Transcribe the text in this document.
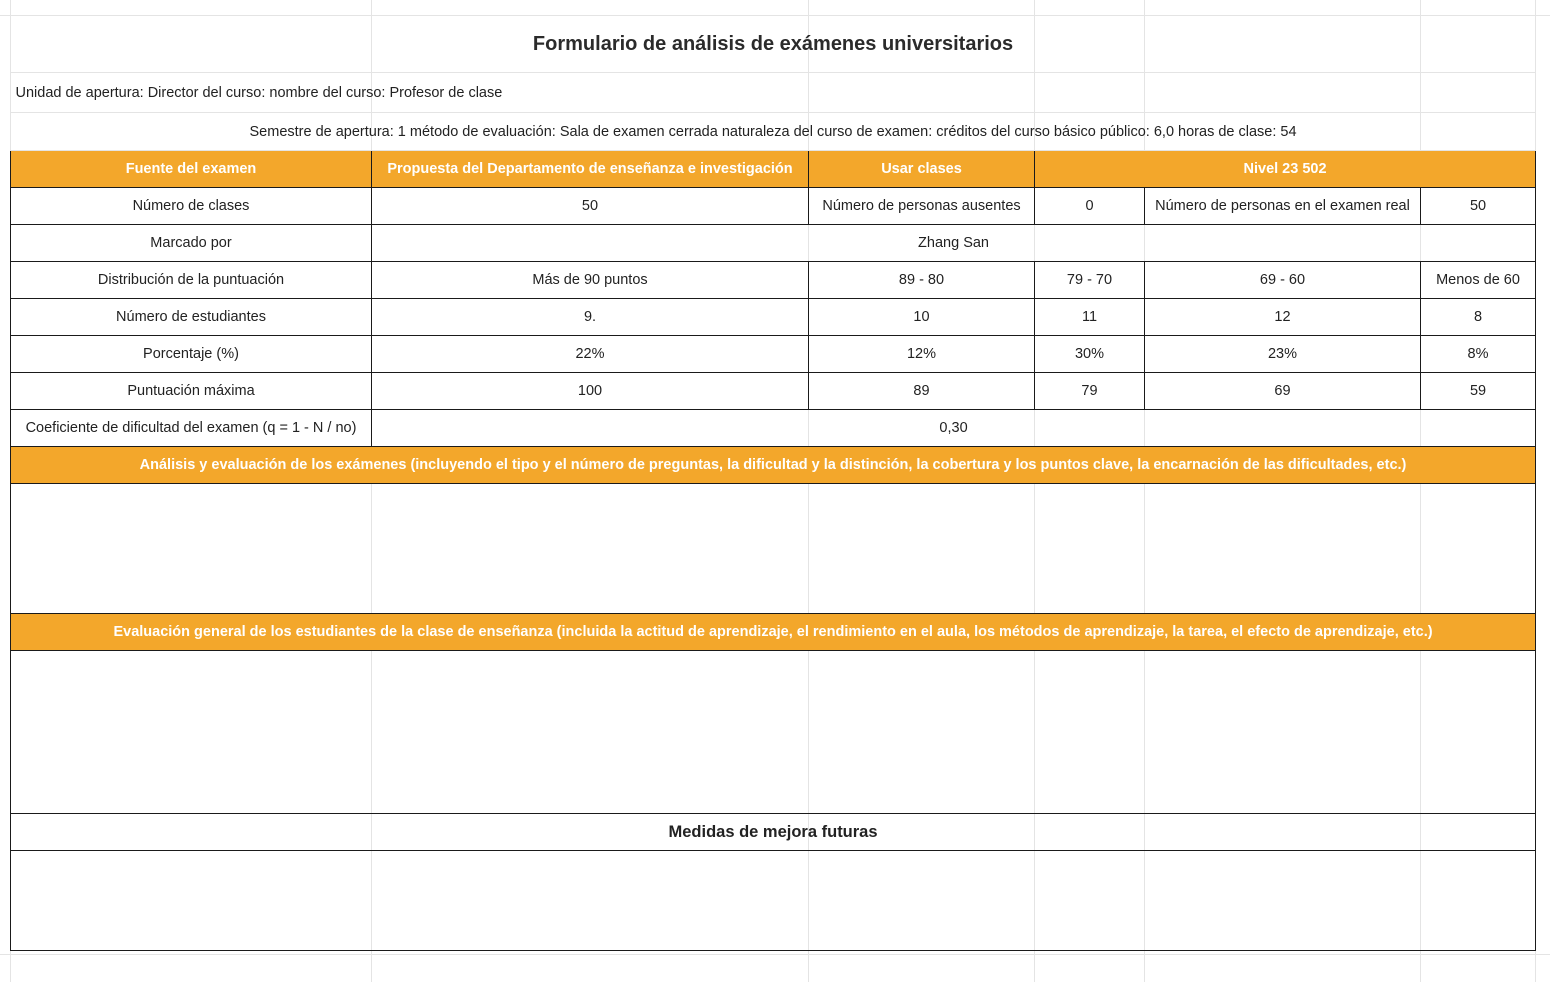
Formulario de análisis de exámenes universitarios					
Unidad de apertura: Director del curso: nombre del curso: Profesor de clase					
Semestre de apertura: 1 método de evaluación: Sala de examen cerrada naturaleza del curso de examen: créditos del curso básico público: 6,0 horas de clase: 54					
Fuente del examen	Propuesta del Departamento de enseñanza e investigación	Usar clases	Nivel 23 502		
Número de clases	50	Número de personas ausentes	0	Número de personas en el examen real	50
Marcado por	Zhang San				
Distribución de la puntuación	Más de 90 puntos	89 - 80	79 - 70	69 - 60	Menos de 60
Número de estudiantes	9.	10	11	12	8
Porcentaje (%)	22%	12%	30%	23%	8%
Puntuación máxima	100	89	79	69	59
Coeficiente de dificultad del examen (q = 1 - N / no)	0,30				
Análisis y evaluación de los exámenes (incluyendo el tipo y el número de preguntas, la dificultad y la distinción, la cobertura y los puntos clave, la encarnación de las dificultades, etc.)					

Evaluación general de los estudiantes de la clase de enseñanza (incluida la actitud de aprendizaje, el rendimiento en el aula, los métodos de aprendizaje, la tarea, el efecto de aprendizaje, etc.)					

Medidas de mejora futuras					
